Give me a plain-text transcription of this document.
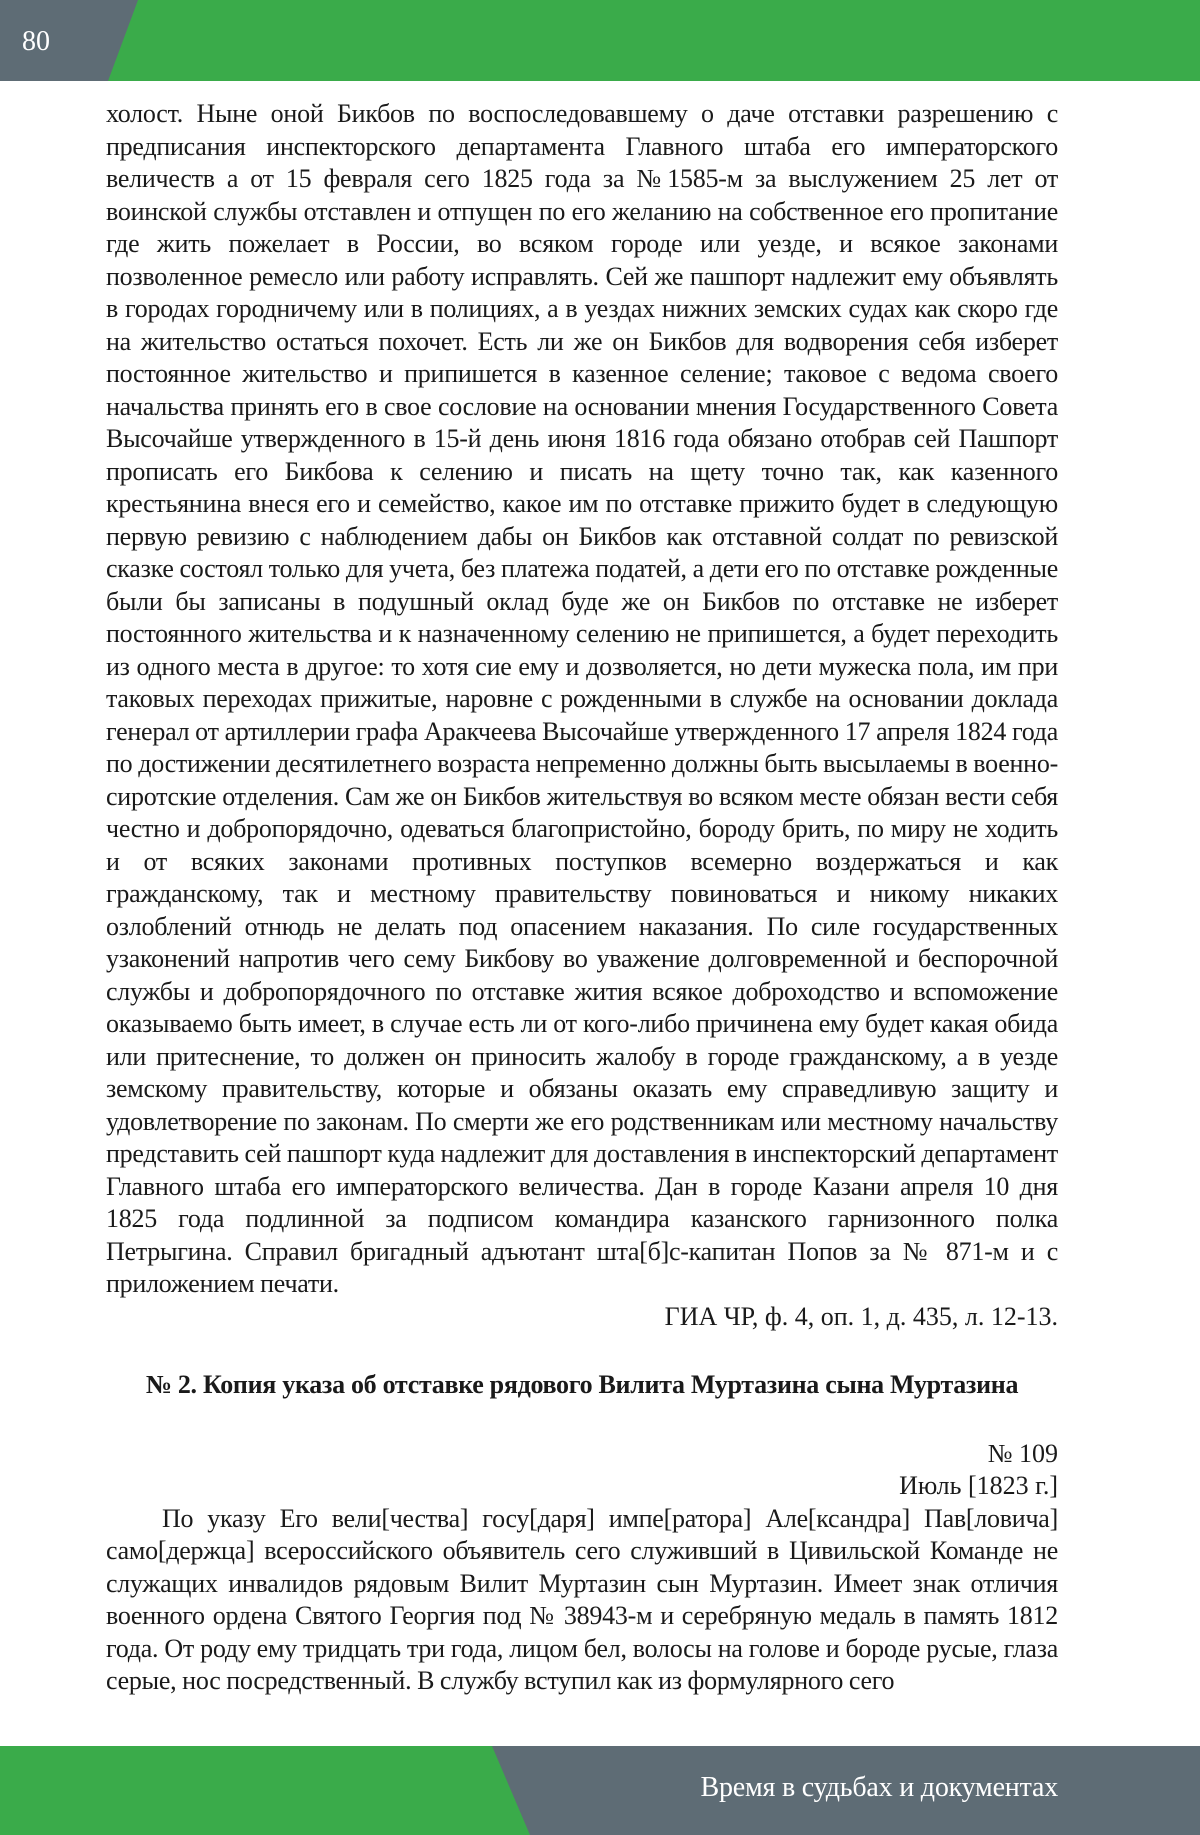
80

холост. Ныне оной Бикбов по воспоследовавшему о даче отставки разрешению с предписания инспекторского департамента Главного штаба его императорского величеств а от 15 февраля сего 1825 года за №1585-м за выслужением 25 лет от воинской службы отставлен и отпущен по его желанию на собственное его пропитание где жить пожелает в России, во всяком городе или уезде, и всякое законами позволенное ремесло или работу исправлять. Сей же пашпорт надлежит ему объявлять в городах городничему или в полициях, а в уездах нижних земских судах как скоро где на жительство остаться похочет. Есть ли же он Бикбов для водворения себя изберет постоянное жительство и припишется в казенное селение; таковое с ведома своего начальства принять его в свое сословие на основании мнения Государственного Совета Высочайше утвержденного в 15-й день июня 1816 года обязано отобрав сей Пашпорт прописать его Бикбова к селению и писать на щету точно так, как казенного крестьянина внеся его и семейство, какое им по отставке прижито будет в следующую первую ревизию с наблюдением дабы он Бикбов как отставной солдат по ревизской сказке состоял только для учета, без платежа податей, а дети его по отставке рожденные были бы записаны в подушный оклад буде же он Бикбов по отставке не изберет постоянного жительства и к назначенному селению не припишется, а будет переходить из одного места в другое: то хотя сие ему и дозволяется, но дети мужеска пола, им при таковых переходах прижитые, наровне с рожденными в службе на основании доклада генерал от артиллерии графа Аракчеева Высочайше утвержденного 17 апреля 1824 года по достижении десятилетнего возраста непременно должны быть высылаемы в военно-сиротские отделения. Сам же он Бикбов жительствуя во всяком месте обязан вести себя честно и добропорядочно, одеваться благопристойно, бороду брить, по миру не ходить и от всяких законами противных поступков всемерно воздержаться и как гражданскому, так и местному правительству повиноваться и никому никаких озлоблений отнюдь не делать под опасением наказания. По силе государственных узаконений напротив чего сему Бикбову во уважение долговременной и беспорочной службы и добропорядочного по отставке жития всякое доброходство и вспоможение оказываемо быть имеет, в случае есть ли от кого-либо причинена ему будет какая обида или притеснение, то должен он приносить жалобу в городе гражданскому, а в уезде земскому правительству, которые и обязаны оказать ему справедливую защиту и удовлетворение по законам. По смерти же его родственникам или местному начальству представить сей пашпорт куда надлежит для доставления в инспекторский департамент Главного штаба его императорского величества. Дан в городе Казани апреля 10 дня 1825 года подлинной за подписом командира казанского гарнизонного полка Петрыгина. Справил бригадный адъютант шта[б]с-капитан Попов за № 871-м и с приложением печати.

ГИА ЧР, ф. 4, оп. 1, д. 435, л. 12-13.

№ 2. Копия указа об отставке рядового Вилита Муртазина сына Муртазина

№ 109

Июль [1823 г.]

По указу Его вели[чества] госу[даря] импе[ратора] Але[ксандра] Пав[ловича] само[держца] всероссийского объявитель сего служивший в Цивильской Команде не служащих инвалидов рядовым Вилит Муртазин сын Муртазин. Имеет знак отличия военного ордена Святого Георгия под № 38943-м и серебряную медаль в память 1812 года. От роду ему тридцать три года, лицом бел, волосы на голове и бороде русые, глаза серые, нос посредственный. В службу вступил как из формулярного сего

Время в судьбах и документах
